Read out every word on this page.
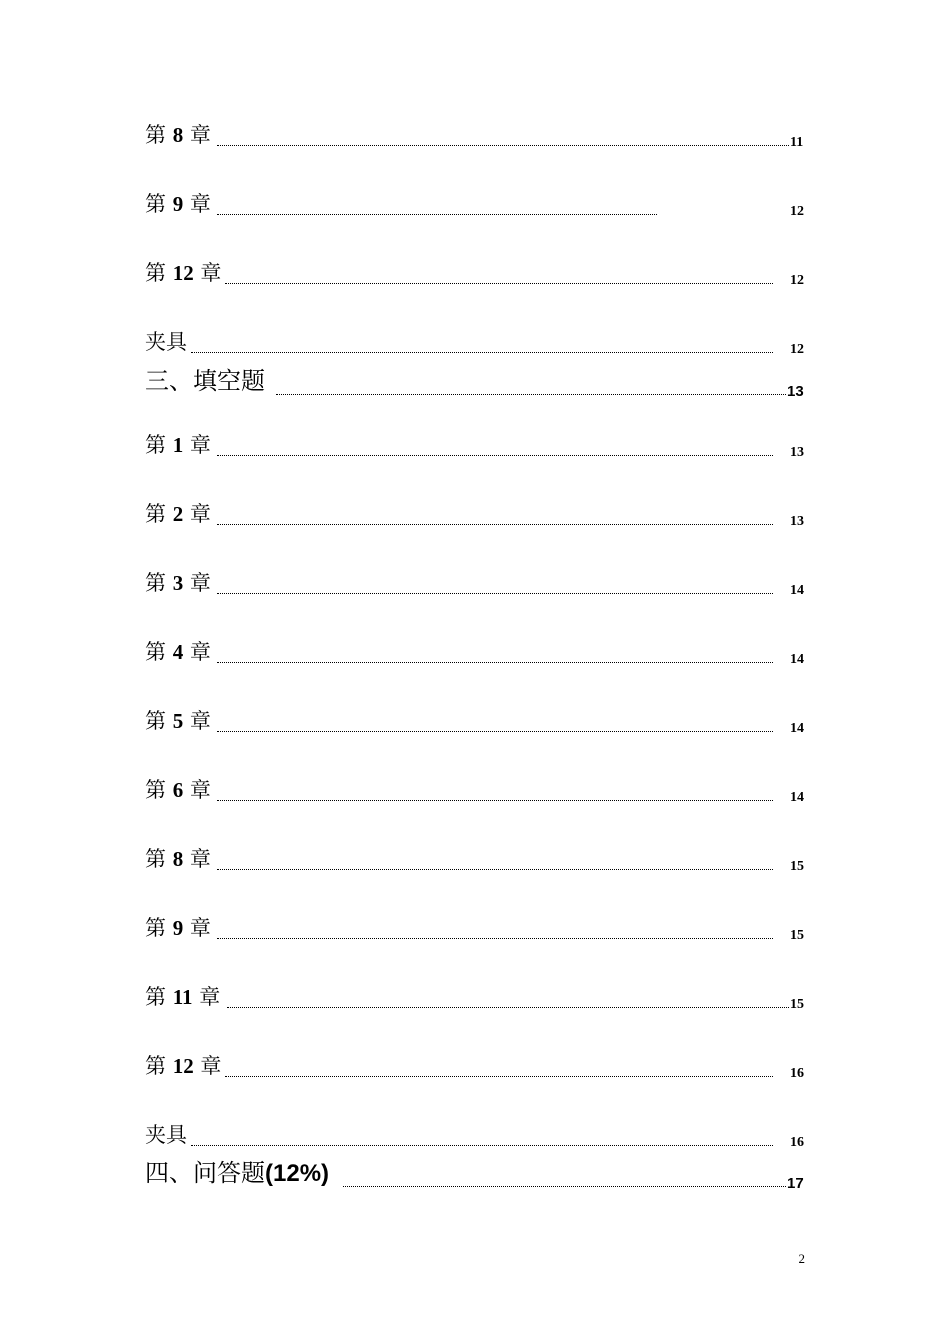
第 8 章	11
第 9 章	12
第 12 章	12
夹具	12
三、填空题	13
第 1 章	13
第 2 章	13
第 3 章	14
第 4 章	14
第 5 章	14
第 6 章	14
第 8 章	15
第 9 章	15
第 11 章	15
第 12 章	16
夹具	16
四、问答题(12%)	17
2
